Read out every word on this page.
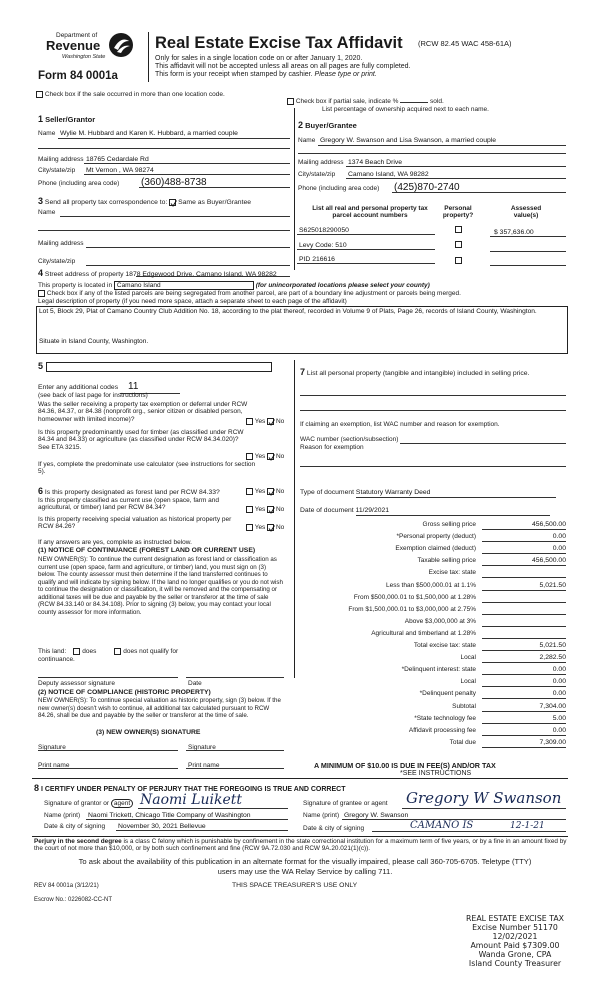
Department of
Revenue
Washington State
Form 84 0001a
Real Estate Excise Tax Affidavit (RCW 82.45 WAC 458-61A)
Only for sales in a single location code on or after January 1, 2020.
This affidavit will not be accepted unless all areas on all pages are fully completed.
This form is your receipt when stamped by cashier. Please type or print.
Check box if the sale occurred in more than one location code.
Check box if partial sale, indicate %	sold.
List percentage of ownership acquired next to each name.
1 Seller/Grantor
Name Wylie M. Hubbard and Karen K. Hubbard, a married couple
Mailing address 18765 Cedardale Rd
City/state/zip Mt Vernon , WA 98274
Phone (including area code) (360)488-8738
2 Buyer/Grantee
Name Gregory W. Swanson and Lisa Swanson, a married couple
Mailing address 1374 Beach Drive
City/state/zip Camano Island, WA 98282
Phone (including area code) (425)870-2740
3 Send all property tax correspondence to: Same as Buyer/Grantee
Name
Mailing address
City/state/zip
List all real and personal property tax
parcel account numbers
Personal
property?
Assessed
value(s)
S625018290050	$ 357,636.00
Levy Code: 510
PID 216616
4 Street address of property 1878 Edgewood Drive, Camano Island, WA 98282
This property is located in Camano Island	(for unincorporated locations please select your county)
Check box if any of the listed parcels are being segregated from another parcel, are part of a boundary line adjustment or parcels being merged.
Legal description of property (if you need more space, attach a separate sheet to each page of the affidavit)
Lot 5, Block 29, Plat of Camano Country Club Addition No. 18, according to the plat thereof, recorded in Volume 9 of Plats, Page 26, records of Island County, Washington.
Situate in Island County, Washington.
5
Enter any additional codes 11
(see back of last page for instructions)
Was the seller receiving a property tax exemption or deferral under RCW 84.36, 84.37, or 84.38 (nonprofit org., senior citizen or disabled person, homeowner with limited income)?	Yes No
Is this property predominantly used for timber (as classified under RCW 84.34 and 84.33) or agriculture (as classified under RCW 84.34.020)? See ETA 3215.
Yes No
If yes, complete the predominate use calculator (see instructions for section 5).
7 List all personal property (tangible and intangible) included in selling price.
If claiming an exemption, list WAC number and reason for exemption.
WAC number (section/subsection)
Reason for exemption
6 Is this property designated as forest land per RCW 84.33?	Yes No
Is this property classified as current use (open space, farm and agricultural, or timber) land per RCW 84.34?	Yes No
Is this property receiving special valuation as historical property per RCW 84.26?	Yes No
If any answers are yes, complete as instructed below.
(1) NOTICE OF CONTINUANCE (FOREST LAND OR CURRENT USE)
NEW OWNER(S): To continue the current designation as forest land or classification as current use (open space, farm and agriculture, or timber) land, you must sign on (3) below. The county assessor must then determine if the land transferred continues to qualify and will indicate by signing below. If the land no longer qualifies or you do not wish to continue the designation or classification, it will be removed and the compensating or additional taxes will be due and payable by the seller or transferor at the time of sale (RCW 84.33.140 or 84.34.108). Prior to signing (3) below, you may contact your local county assessor for more information.
This land: does	does not qualify for
continuance.
Deputy assessor signature	Date
(2) NOTICE OF COMPLIANCE (HISTORIC PROPERTY)
NEW OWNER(S): To continue special valuation as historic property, sign (3) below. If the new owner(s) doesn't wish to continue, all additional tax calculated pursuant to RCW 84.26, shall be due and payable by the seller or transferor at the time of sale.
(3) NEW OWNER(S) SIGNATURE
Signature	Signature
Print name	Print name
Type of document Statutory Warranty Deed
Date of document 11/29/2021
Gross selling price	456,500.00
*Personal property (deduct)	0.00
Exemption claimed (deduct)	0.00
Taxable selling price	456,500.00
Excise tax: state
Less than $500,000.01 at 1.1%	5,021.50
From $500,000.01 to $1,500,000 at 1.28%
From $1,500,000.01 to $3,000,000 at 2.75%
Above $3,000,000 at 3%
Agricultural and timberland at 1.28%
Total excise tax: state	5,021.50
Local	2,282.50
*Delinquent interest: state	0.00
Local	0.00
*Delinquent penalty	0.00
Subtotal	7,304.00
*State technology fee	5.00
Affidavit processing fee	0.00
Total due	7,309.00
A MINIMUM OF $10.00 IS DUE IN FEE(S) AND/OR TAX
*SEE INSTRUCTIONS
8 I CERTIFY UNDER PENALTY OF PERJURY THAT THE FOREGOING IS TRUE AND CORRECT
Signature of grantor or agent Naomi Luikett
Name (print) Naomi Trickett, Chicago Title Company of Washington
Date & city of signing November 30, 2021 Bellevue
Signature of grantee or agent Gregory W Swanson
Name (print) Gregory W. Swanson
Date & city of signing	CAMANO IS	12-1-21
Perjury in the second degree is a class C felony which is punishable by confinement in the state correctional institution for a maximum term of five years, or by a fine in an amount fixed by the court of not more than $10,000, or by both such confinement and fine (RCW 9A.72.030 and RCW 9A.20.021(1)(c)).
To ask about the availability of this publication in an alternate format for the visually impaired, please call 360-705-6705. Teletype (TTY) users may use the WA Relay Service by calling 711.
REV 84 0001a (3/12/21)	THIS SPACE TREASURER'S USE ONLY
Escrow No.: 0226082-CC-NT
REAL ESTATE EXCISE TAX
Excise Number 51170
12/02/2021
Amount Paid $7309.00
Wanda Grone, CPA
Island County Treasurer
